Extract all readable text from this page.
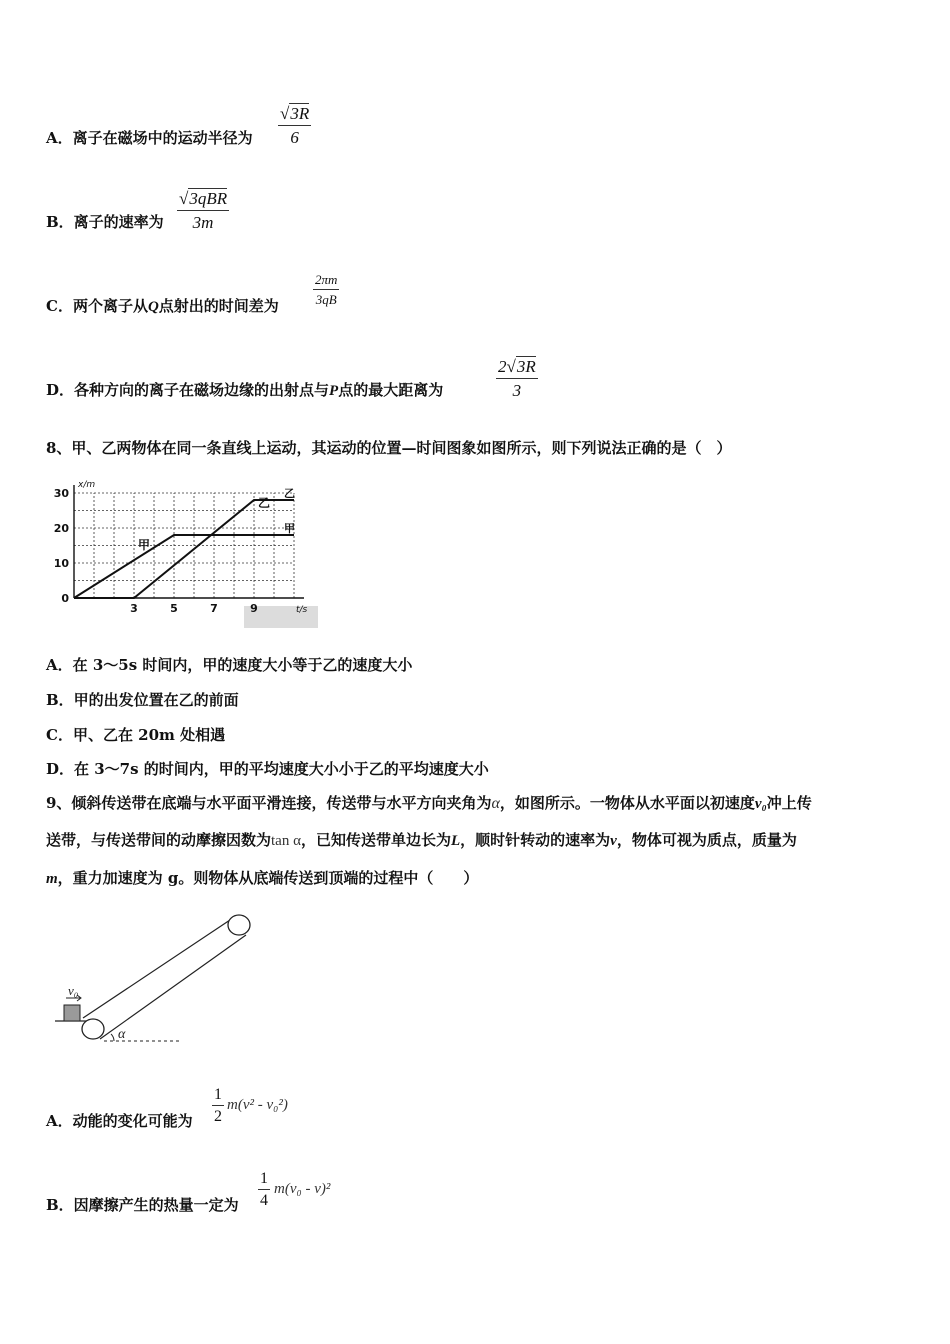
A．离子在磁场中的运动半径为 $\frac{√3R}{6}$
B．离子的速率为
√3qBR
3m
C．两个离子从Q点射出的时间差为	$\frac{2\pi m}{3qB}$
D．各种方向的离子在磁场边缘的出射点与P点的最大距离为	$\frac{2√3R}{3}$
8、甲、乙两物体在同一条直线上运动，其运动的位置—时间图象如图所示，则下列说法正确的是（　）
甲
乙
甲
乙
0
10
20
30
3	5	7	9
x/m
t/s
A．在 3～5s 时间内，甲的速度大小等于乙的速度大小
B．甲的出发位置在乙的前面
C．甲、乙在 20m 处相遇
D．在 3～7s 的时间内，甲的平均速度大小小于乙的平均速度大小
9、倾斜传送带在底端与水平面平滑连接，传送带与水平方向夹角为α，如图所示。一物体从水平面以初速度v₀冲上传
送带，与传送带间的动摩擦因数为tan α，已知传送带单边长为L，顺时针转动的速率为v，物体可视为质点，质量为
m，重力加速度为 g。则物体从底端传送到顶端的过程中（　　）
v₀
α
A．动能的变化可能为 $\frac{1}{2} m(v^2 - v_0^2)$
B．因摩擦产生的热量一定为 $\frac{1}{4} m(v_0 - v)^2$
